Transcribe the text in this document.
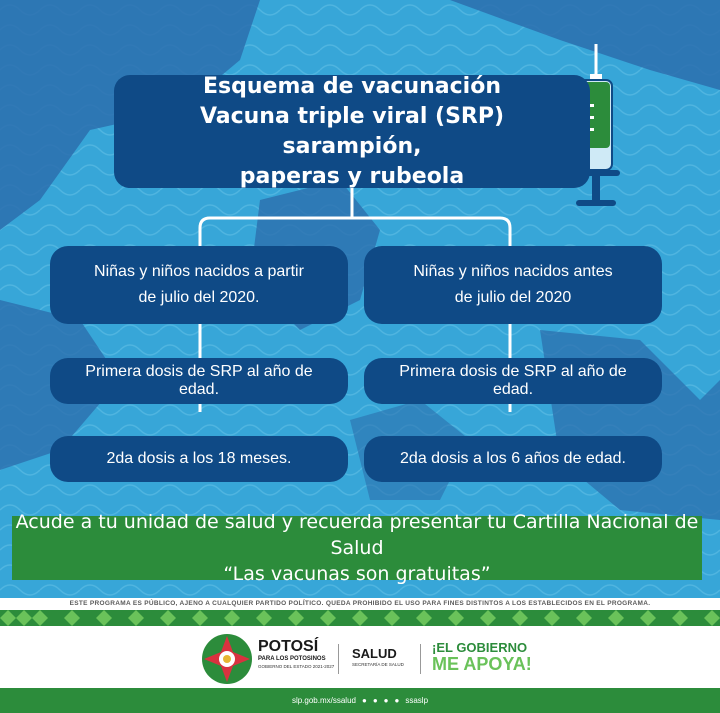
Esquema de vacunación
Vacuna triple viral (SRP) sarampión,
paperas y rubeola
Niñas y niños nacidos a partir
de julio del 2020.
Primera dosis de SRP al año de edad.
2da dosis a los 18 meses.
Niñas y niños nacidos antes
de julio del 2020
Primera dosis de SRP al año de edad.
2da dosis a los 6 años de edad.
Acude a tu unidad de salud y recuerda presentar tu Cartilla Nacional de Salud
“Las vacunas son gratuitas”
ESTE PROGRAMA ES PÚBLICO, AJENO A CUALQUIER PARTIDO POLÍTICO. QUEDA PROHIBIDO EL USO PARA FINES DISTINTOS A LOS ESTABLECIDOS EN EL PROGRAMA.
POTOSÍ
PARA LOS POTOSINOS
GOBIERNO DEL ESTADO 2021-2027
SALUD
SECRETARÍA DE SALUD
¡EL GOBIERNO
ME APOYA!
slp.gob.mx/ssalud ● ● ● ● ssaslp
